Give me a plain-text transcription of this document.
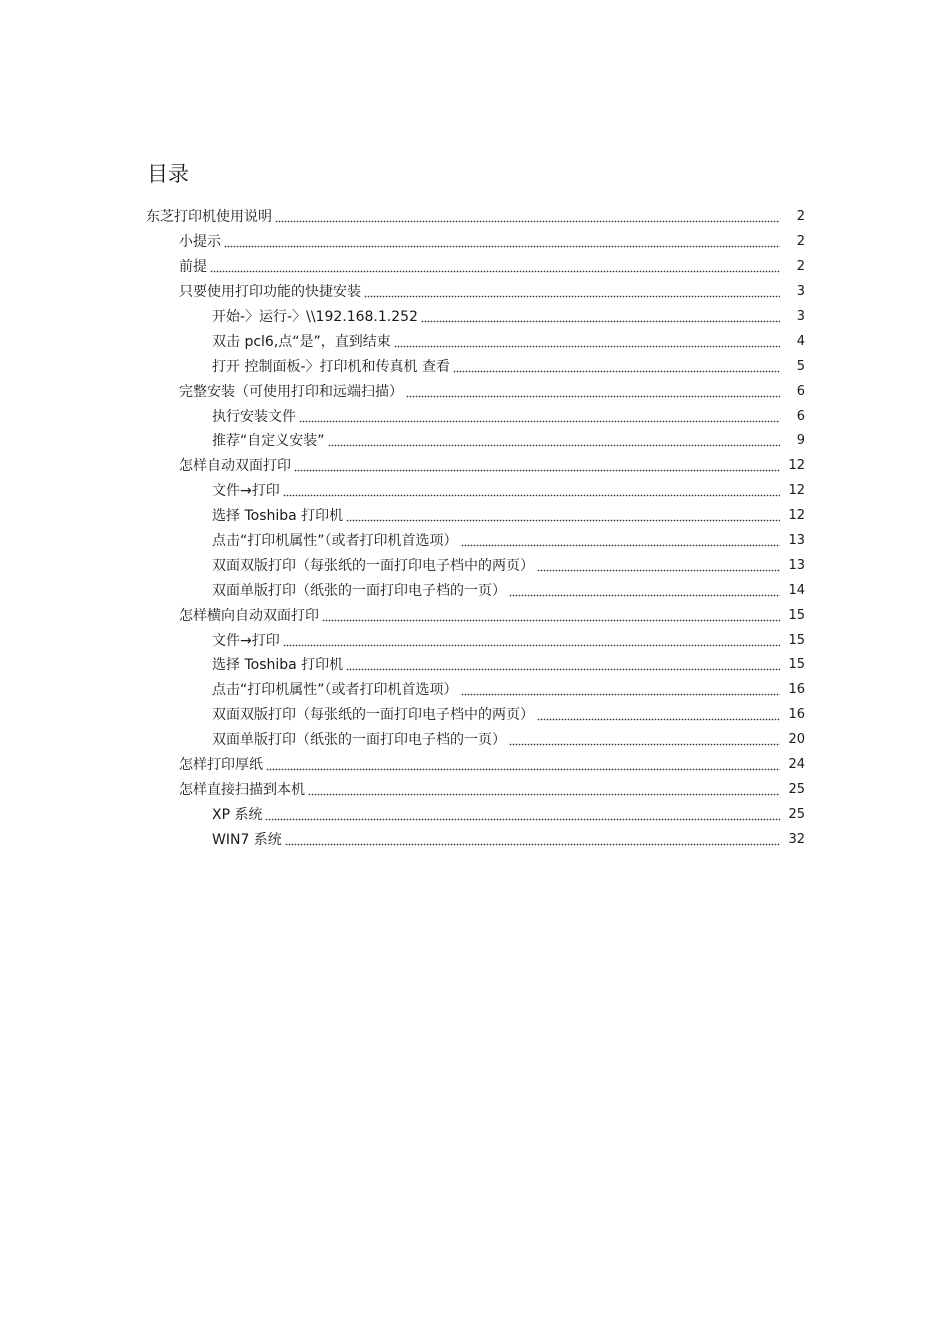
目录
东芝打印机使用说明	2
小提示	2
前提	2
只要使用打印功能的快捷安装	3
开始-〉运行-〉\\192.168.1.252	3
双击 pcl6,点“是”，直到结束	4
打开 控制面板-〉打印机和传真机 查看	5
完整安装（可使用打印和远端扫描）	6
执行安装文件	6
推荐“自定义安装”	9
怎样自动双面打印	12
文件→打印	12
选择 Toshiba 打印机	12
点击“打印机属性”（或者打印机首选项）	13
双面双版打印（每张纸的一面打印电子档中的两页）	13
双面单版打印（纸张的一面打印电子档的一页）	14
怎样横向自动双面打印	15
文件→打印	15
选择 Toshiba 打印机	15
点击“打印机属性”（或者打印机首选项）	16
双面双版打印（每张纸的一面打印电子档中的两页）	16
双面单版打印（纸张的一面打印电子档的一页）	20
怎样打印厚纸	24
怎样直接扫描到本机	25
XP 系统	25
WIN7 系统	32
